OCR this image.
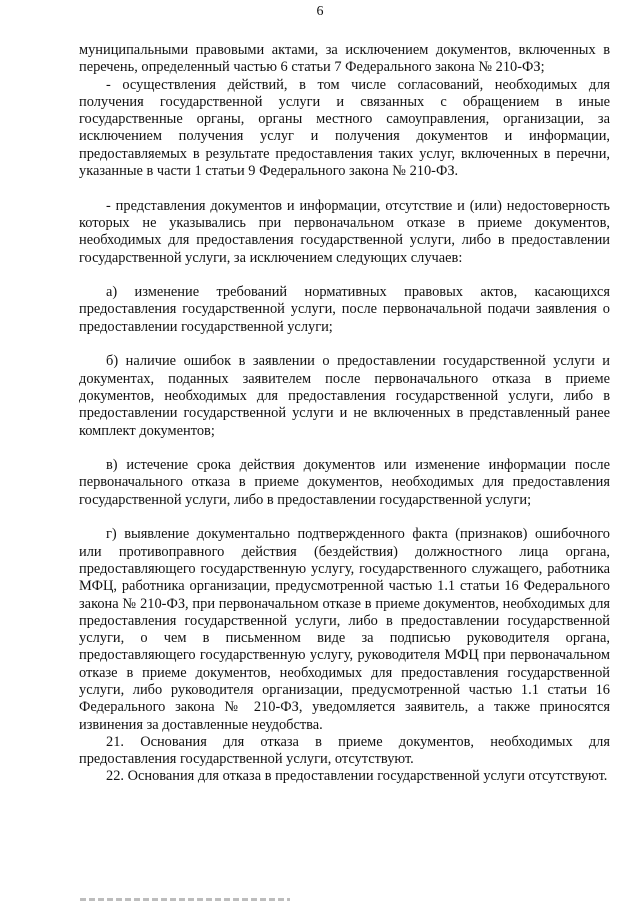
6

муниципальными правовыми актами, за исключением документов, включенных в перечень, определенный частью 6 статьи 7 Федерального закона № 210-ФЗ;

- осуществления действий, в том числе согласований, необходимых для получения государственной услуги и связанных с обращением в иные государственные органы, органы местного самоуправления, организации, за исключением получения услуг и получения документов и информации, предоставляемых в результате предоставления таких услуг, включенных в перечни, указанные в части 1 статьи 9 Федерального закона № 210-ФЗ.

- представления документов и информации, отсутствие и (или) недостоверность которых не указывались при первоначальном отказе в приеме документов, необходимых для предоставления государственной услуги, либо в предоставлении государственной услуги, за исключением следующих случаев:

а) изменение требований нормативных правовых актов, касающихся предоставления государственной услуги, после первоначальной подачи заявления о предоставлении государственной услуги;

б) наличие ошибок в заявлении о предоставлении государственной услуги и документах, поданных заявителем после первоначального отказа в приеме документов, необходимых для предоставления государственной услуги, либо в предоставлении государственной услуги и не включенных в представленный ранее комплект документов;

в) истечение срока действия документов или изменение информации после первоначального отказа в приеме документов, необходимых для предоставления государственной услуги, либо в предоставлении государственной услуги;

г) выявление документально подтвержденного факта (признаков) ошибочного или противоправного действия (бездействия) должностного лица органа, предоставляющего государственную услугу, государственного служащего, работника МФЦ, работника организации, предусмотренной частью 1.1 статьи 16 Федерального закона № 210-ФЗ, при первоначальном отказе в приеме документов, необходимых для предоставления государственной услуги, либо в предоставлении государственной услуги, о чем в письменном виде за подписью руководителя органа, предоставляющего государственную услугу, руководителя МФЦ при первоначальном отказе в приеме документов, необходимых для предоставления государственной услуги, либо руководителя организации, предусмотренной частью 1.1 статьи 16 Федерального закона № 210-ФЗ, уведомляется заявитель, а также приносятся извинения за доставленные неудобства.

21. Основания для отказа в приеме документов, необходимых для предоставления государственной услуги, отсутствуют.

22. Основания для отказа в предоставлении государственной услуги отсутствуют.
